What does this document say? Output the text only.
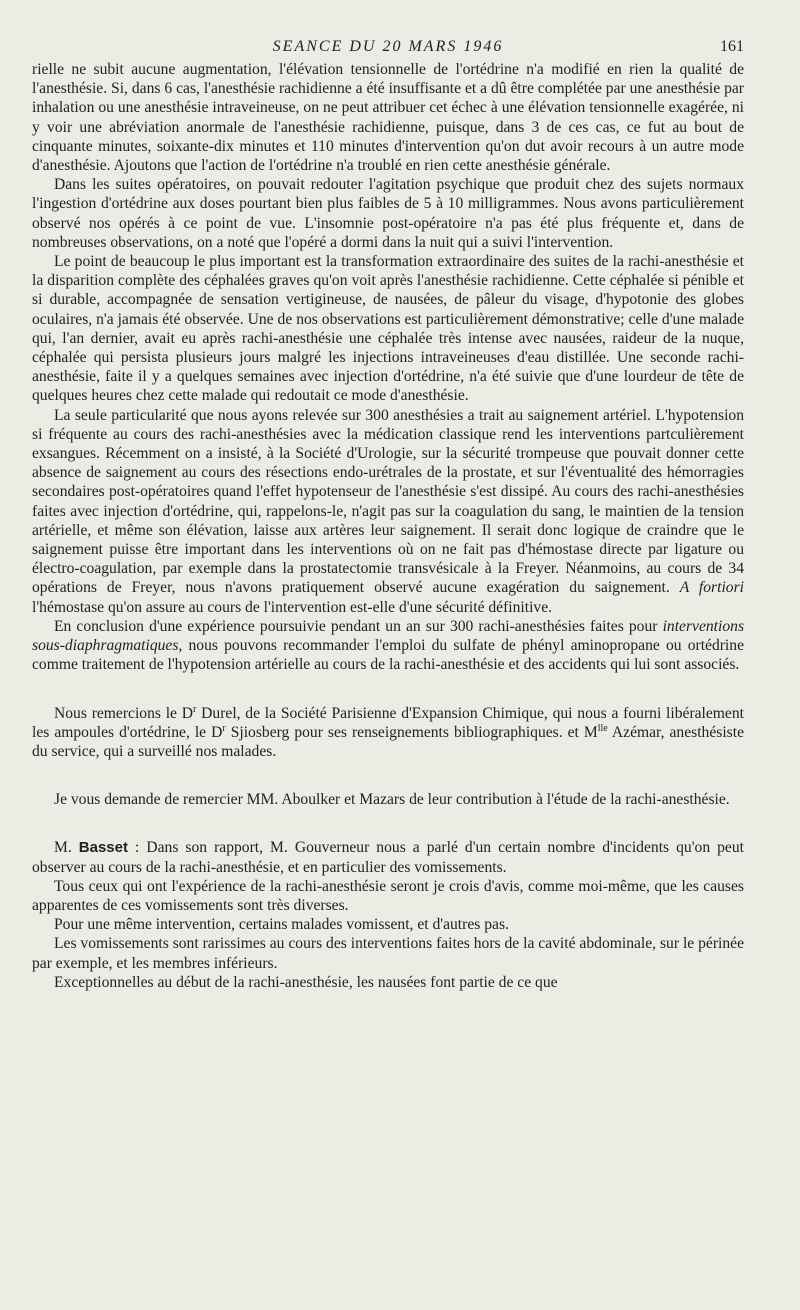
SEANCE DU 20 MARS 1946	161

rielle ne subit aucune augmentation, l'élévation tensionnelle de l'ortédrine n'a modifié en rien la qualité de l'anesthésie. Si, dans 6 cas, l'anesthésie rachidienne a été insuffisante et a dû être complétée par une anesthésie par inhalation ou une anesthésie intraveineuse, on ne peut attribuer cet échec à une élévation tensionnelle exagérée, ni y voir une abréviation anormale de l'anesthésie rachidienne, puisque, dans 3 de ces cas, ce fut au bout de cinquante minutes, soixante-dix minutes et 110 minutes d'intervention qu'on dut avoir recours à un autre mode d'anesthésie. Ajoutons que l'action de l'ortédrine n'a troublé en rien cette anesthésie générale.

Dans les suites opératoires, on pouvait redouter l'agitation psychique que produit chez des sujets normaux l'ingestion d'ortédrine aux doses pourtant bien plus faibles de 5 à 10 milligrammes. Nous avons particulièrement observé nos opérés à ce point de vue. L'insomnie post-opératoire n'a pas été plus fréquente et, dans de nombreuses observations, on a noté que l'opéré a dormi dans la nuit qui a suivi l'intervention.

Le point de beaucoup le plus important est la transformation extraordinaire des suites de la rachi-anesthésie et la disparition complète des céphalées graves qu'on voit après l'anesthésie rachidienne. Cette céphalée si pénible et si durable, accompagnée de sensation vertigineuse, de nausées, de pâleur du visage, d'hypotonie des globes oculaires, n'a jamais été observée. Une de nos observations est particulièrement démonstrative; celle d'une malade qui, l'an dernier, avait eu après rachi-anesthésie une céphalée très intense avec nausées, raideur de la nuque, céphalée qui persista plusieurs jours malgré les injections intraveineuses d'eau distillée. Une seconde rachi-anesthésie, faite il y a quelques semaines avec injection d'ortédrine, n'a été suivie que d'une lourdeur de tête de quelques heures chez cette malade qui redoutait ce mode d'anesthésie.

La seule particularité que nous ayons relevée sur 300 anesthésies a trait au saignement artériel. L'hypotension si fréquente au cours des rachi-anesthésies avec la médication classique rend les interventions partculièrement exsangues. Récemment on a insisté, à la Société d'Urologie, sur la sécurité trompeuse que pouvait donner cette absence de saignement au cours des résections endo-urétrales de la prostate, et sur l'éventualité des hémorragies secondaires post-opératoires quand l'effet hypotenseur de l'anesthésie s'est dissipé. Au cours des rachi-anesthésies faites avec injection d'ortédrine, qui, rappelons-le, n'agit pas sur la coagulation du sang, le maintien de la tension artérielle, et même son élévation, laisse aux artères leur saignement. Il serait donc logique de craindre que le saignement puisse être important dans les interventions où on ne fait pas d'hémostase directe par ligature ou électro-coagulation, par exemple dans la prostatectomie transvésicale à la Freyer. Néanmoins, au cours de 34 opérations de Freyer, nous n'avons pratiquement observé aucune exagération du saignement. A fortiori l'hémostase qu'on assure au cours de l'intervention est-elle d'une sécurité définitive.

En conclusion d'une expérience poursuivie pendant un an sur 300 rachi-anesthésies faites pour interventions sous-diaphragmatiques, nous pouvons recommander l'emploi du sulfate de phényl aminopropane ou ortédrine comme traitement de l'hypotension artérielle au cours de la rachi-anesthésie et des accidents qui lui sont associés.

Nous remercions le $D^r$ Durel, de la Société Parisienne d'Expansion Chimique, qui nous a fourni libéralement les ampoules d'ortédrine, le $D^r$ Sjiosberg pour ses renseignements bibliographiques. et $M^{lle}$ Azémar, anesthésiste du service, qui a surveillé nos malades.

Je vous demande de remercier MM. Aboulker et Mazars de leur contribution à l'étude de la rachi-anesthésie.

M. Basset : Dans son rapport, M. Gouverneur nous a parlé d'un certain nombre d'incidents qu'on peut observer au cours de la rachi-anesthésie, et en particulier des vomissements.

Tous ceux qui ont l'expérience de la rachi-anesthésie seront je crois d'avis, comme moi-même, que les causes apparentes de ces vomissements sont très diverses.

Pour une même intervention, certains malades vomissent, et d'autres pas.

Les vomissements sont rarissimes au cours des interventions faites hors de la cavité abdominale, sur le périnée par exemple, et les membres inférieurs.

Exceptionnelles au début de la rachi-anesthésie, les nausées font partie de ce que
